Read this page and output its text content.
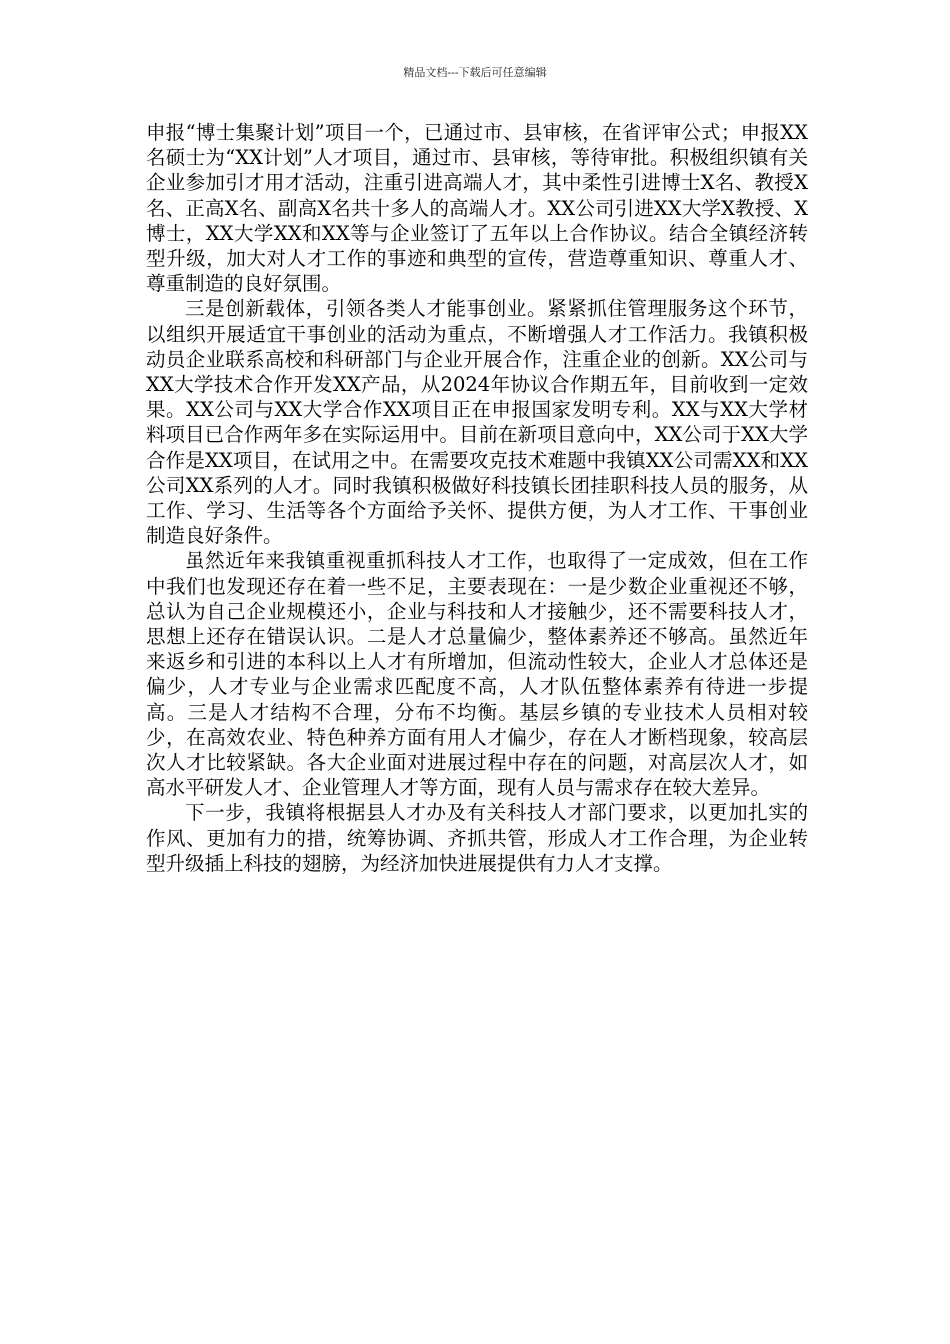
精品文档---下载后可任意编辑

申报“博士集聚计划”项目一个，已通过市、县审核，在省评审公式；申报XX名硕士为“XX计划”人才项目，通过市、县审核，等待审批。积极组织镇有关企业参加引才用才活动，注重引进高端人才，其中柔性引进博士X名、教授X名、正高X名、副高X名共十多人的高端人才。XX公司引进XX大学X教授、X博士，XX大学XX和XX等与企业签订了五年以上合作协议。结合全镇经济转型升级，加大对人才工作的事迹和典型的宣传，营造尊重知识、尊重人才、尊重制造的良好氛围。

三是创新载体，引领各类人才能事创业。紧紧抓住管理服务这个环节，以组织开展适宜干事创业的活动为重点，不断增强人才工作活力。我镇积极动员企业联系高校和科研部门与企业开展合作，注重企业的创新。XX公司与XX大学技术合作开发XX产品，从2024年协议合作期五年，目前收到一定效果。XX公司与XX大学合作XX项目正在申报国家发明专利。XX与XX大学材料项目已合作两年多在实际运用中。目前在新项目意向中，XX公司于XX大学合作是XX项目，在试用之中。在需要攻克技术难题中我镇XX公司需XX和XX公司XX系列的人才。同时我镇积极做好科技镇长团挂职科技人员的服务，从工作、学习、生活等各个方面给予关怀、提供方便，为人才工作、干事创业制造良好条件。

虽然近年来我镇重视重抓科技人才工作，也取得了一定成效，但在工作中我们也发现还存在着一些不足，主要表现在：一是少数企业重视还不够，总认为自己企业规模还小，企业与科技和人才接触少，还不需要科技人才，思想上还存在错误认识。二是人才总量偏少，整体素养还不够高。虽然近年来返乡和引进的本科以上人才有所增加，但流动性较大，企业人才总体还是偏少，人才专业与企业需求匹配度不高，人才队伍整体素养有待进一步提高。三是人才结构不合理，分布不均衡。基层乡镇的专业技术人员相对较少，在高效农业、特色种养方面有用人才偏少，存在人才断档现象，较高层次人才比较紧缺。各大企业面对进展过程中存在的问题，对高层次人才，如高水平研发人才、企业管理人才等方面，现有人员与需求存在较大差异。

下一步，我镇将根据县人才办及有关科技人才部门要求，以更加扎实的作风、更加有力的措，统筹协调、齐抓共管，形成人才工作合理，为企业转型升级插上科技的翅膀，为经济加快进展提供有力人才支撑。
